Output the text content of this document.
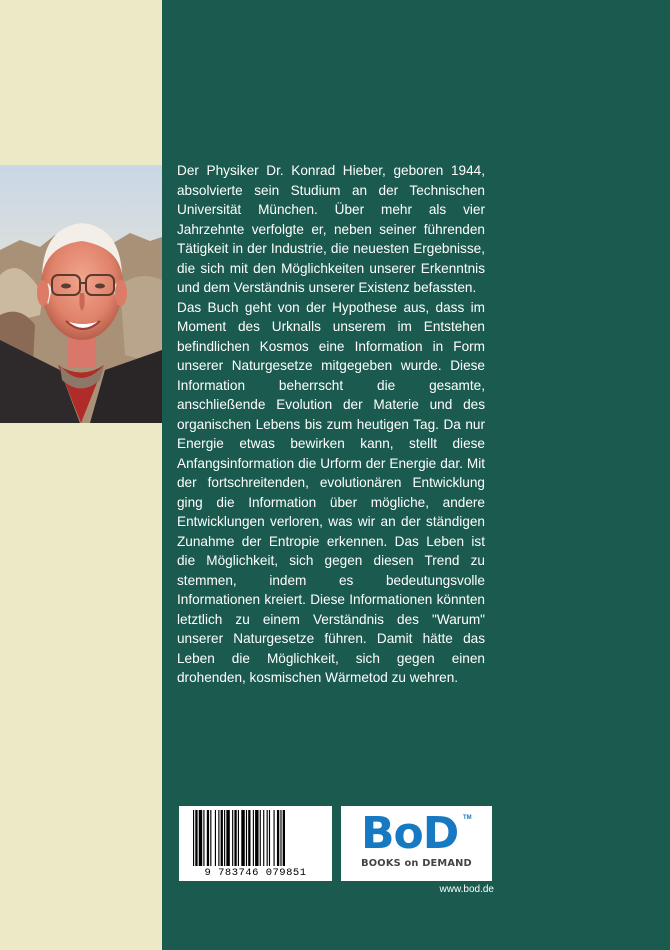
Der Physiker Dr. Konrad Hieber, geboren 1944, absolvierte sein Studium an der Technischen Universität München. Über mehr als vier Jahrzehnte verfolgte er, neben seiner führenden Tätigkeit in der Industrie, die neuesten Ergebnisse, die sich mit den Möglichkeiten unserer Erkenntnis und dem Verständnis unserer Existenz befassten.

Das Buch geht von der Hypothese aus, dass im Moment des Urknalls unserem im Entstehen befindlichen Kosmos eine Information in Form unserer Naturgesetze mitgegeben wurde. Diese Information beherrscht die gesamte, anschließende Evolution der Materie und des organischen Lebens bis zum heutigen Tag. Da nur Energie etwas bewirken kann, stellt diese Anfangsinformation die Urform der Energie dar. Mit der fortschreitenden, evolutionären Entwicklung ging die Information über mögliche, andere Entwicklungen verloren, was wir an der ständigen Zunahme der Entropie erkennen. Das Leben ist die Möglichkeit, sich gegen diesen Trend zu stemmen, indem es bedeutungsvolle Informationen kreiert. Diese Informationen könnten letztlich zu einem Verständnis des "Warum" unserer Naturgesetze führen. Damit hätte das Leben die Möglichkeit, sich gegen einen drohenden, kosmischen Wärmetod zu wehren.

9 783746 079851
BoD TM
BOOKS on DEMAND
www.bod.de
